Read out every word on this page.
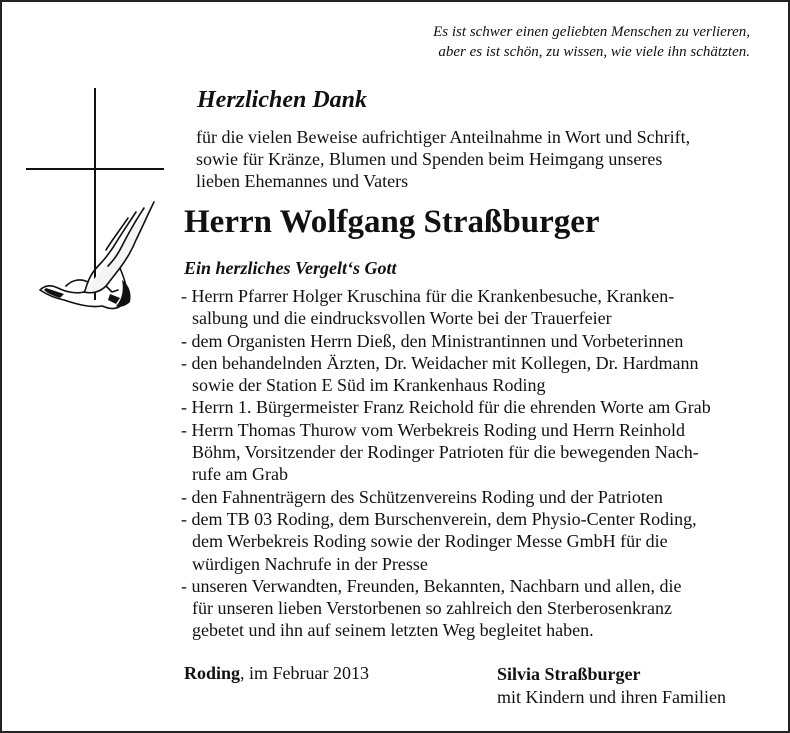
Es ist schwer einen geliebten Menschen zu verlieren,
aber es ist schön, zu wissen, wie viele ihn schätzten.
Herzlichen Dank
für die vielen Beweise aufrichtiger Anteilnahme in Wort und Schrift,
sowie für Kränze, Blumen und Spenden beim Heimgang unseres
lieben Ehemannes und Vaters
Herrn Wolfgang Straßburger
Ein herzliches Vergelt‘s Gott
- Herrn Pfarrer Holger Kruschina für die Krankenbesuche, Kranken-
salbung und die eindrucksvollen Worte bei der Trauerfeier
- dem Organisten Herrn Dieß, den Ministrantinnen und Vorbeterinnen
- den behandelnden Ärzten, Dr. Weidacher mit Kollegen, Dr. Hardmann
sowie der Station E Süd im Krankenhaus Roding
- Herrn 1. Bürgermeister Franz Reichold für die ehrenden Worte am Grab
- Herrn Thomas Thurow vom Werbekreis Roding und Herrn Reinhold
Böhm, Vorsitzender der Rodinger Patrioten für die bewegenden Nach-
rufe am Grab
- den Fahnenträgern des Schützenvereins Roding und der Patrioten
- dem TB 03 Roding, dem Burschenverein, dem Physio-Center Roding,
dem Werbekreis Roding sowie der Rodinger Messe GmbH für die
würdigen Nachrufe in der Presse
- unseren Verwandten, Freunden, Bekannten, Nachbarn und allen, die
für unseren lieben Verstorbenen so zahlreich den Sterberosenkranz
gebetet und ihn auf seinem letzten Weg begleitet haben.
Roding, im Februar 2013	Silvia Straßburger
mit Kindern und ihren Familien
